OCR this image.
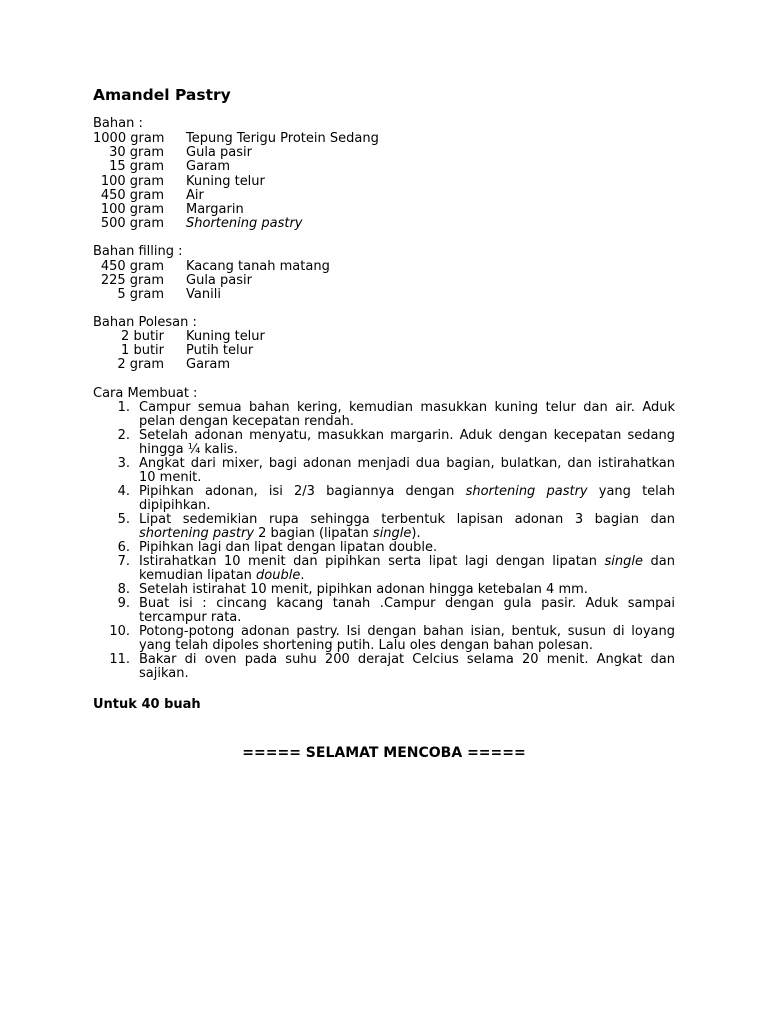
Amandel Pastry
Bahan :
1000 gram Tepung Terigu Protein Sedang
30 gram Gula pasir
15 gram Garam
100 gram Kuning telur
450 gram Air
100 gram Margarin
500 gram Shortening pastry
Bahan filling :
450 gram Kacang tanah matang
225 gram Gula pasir
5 gram Vanili
Bahan Polesan :
2 butir Kuning telur
1 butir Putih telur
2 gram Garam
Cara Membuat :
1. Campur semua bahan kering, kemudian masukkan kuning telur dan air. Aduk pelan dengan kecepatan rendah.
2. Setelah adonan menyatu, masukkan margarin. Aduk dengan kecepatan sedang hingga ¼ kalis.
3. Angkat dari mixer, bagi adonan menjadi dua bagian, bulatkan, dan istirahatkan 10 menit.
4. Pipihkan adonan, isi 2/3 bagiannya dengan shortening pastry yang telah dipipihkan.
5. Lipat sedemikian rupa sehingga terbentuk lapisan adonan 3 bagian dan shortening pastry 2 bagian (lipatan single).
6. Pipihkan lagi dan lipat dengan lipatan double.
7. Istirahatkan 10 menit dan pipihkan serta lipat lagi dengan lipatan single dan kemudian lipatan double.
8. Setelah istirahat 10 menit, pipihkan adonan hingga ketebalan 4 mm.
9. Buat isi : cincang kacang tanah .Campur dengan gula pasir. Aduk sampai tercampur rata.
10. Potong-potong adonan pastry. Isi dengan bahan isian, bentuk, susun di loyang yang telah dipoles shortening putih. Lalu oles dengan bahan polesan.
11. Bakar di oven pada suhu 200 derajat Celcius selama 20 menit. Angkat dan sajikan.
Untuk 40 buah
===== SELAMAT MENCOBA =====
